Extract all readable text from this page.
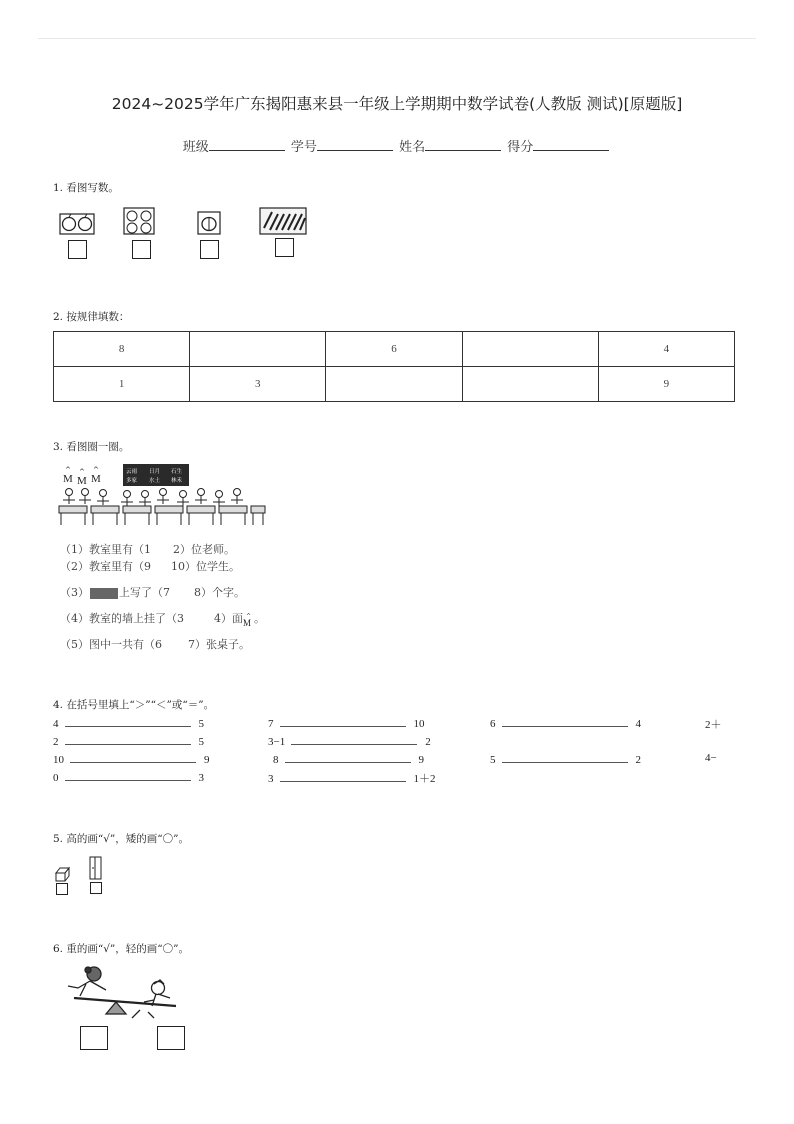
2024~2025学年广东揭阳惠来县一年级上学期期中数学试卷(人教版 测试)[原题版]
班级	学号	姓名	得分
1. 看图写数。
2. 按规律填数：
8		6		4
1	3			9
3. 看图圈一圈。
^
M
^
M
^
M
云雨
多家
日月
水土
石生
林禾
（1）教室里有（1 2）位老师。
（2）教室里有（9 10）位学生。
（3）	上写了（7 8）个字。
（4）教室的墙上挂了（3	4）面 ^
M 。
（5）图中一共有（6 7）张桌子。
4. 在括号里填上“＞”“＜”或“＝”。
4	5	7	10	6	4	2＋
2	5	3−1	2
10	9	8	9	5	2	4−
0	3	3	1＋2
5. 高的画“√”，矮的画“〇”。
6. 重的画“√”，轻的画“〇”。
